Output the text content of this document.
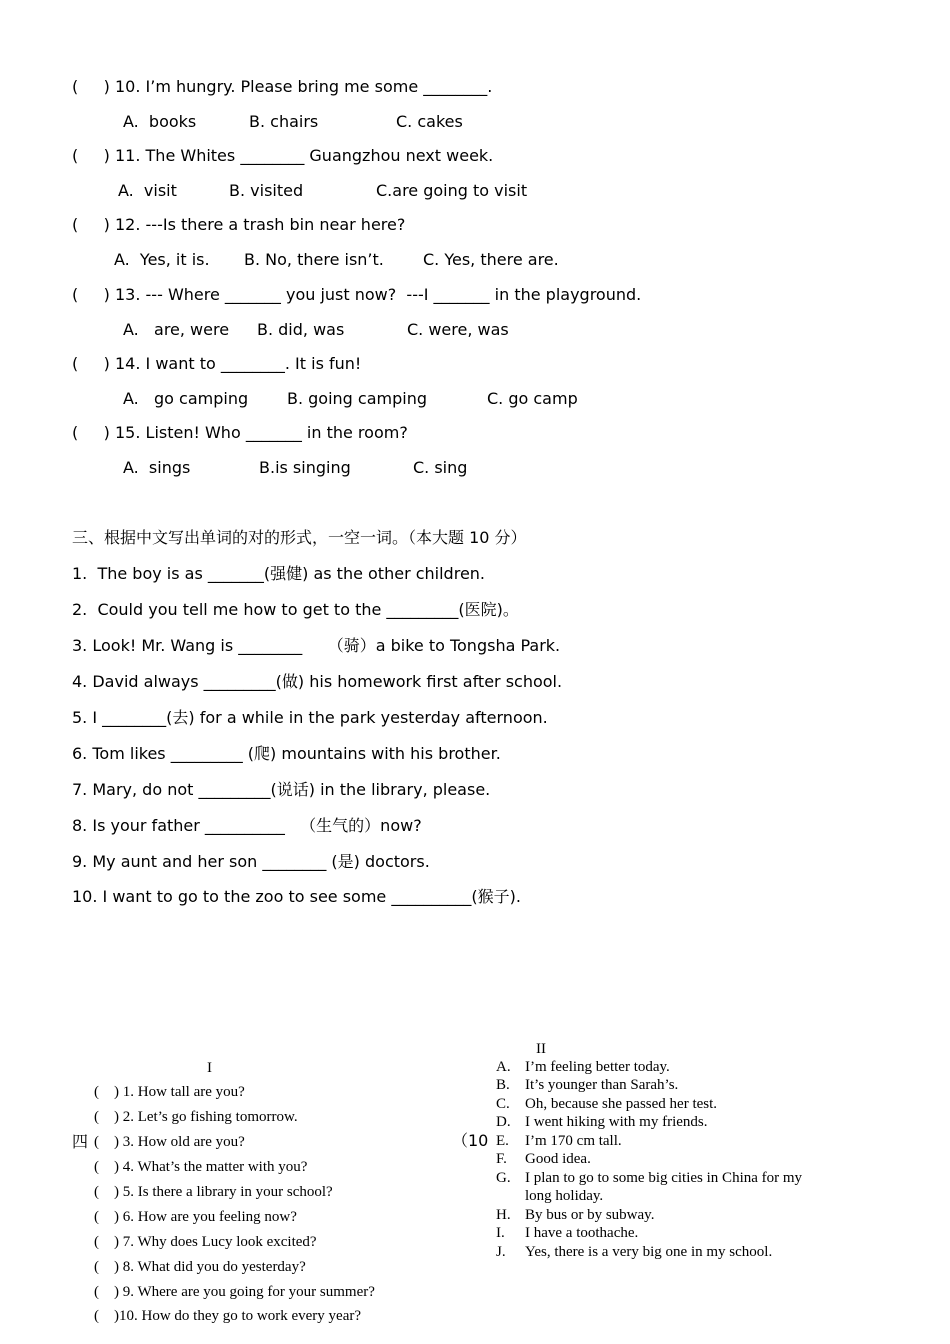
(     ) 10. I’m hungry. Please bring me some ________.
A.  books	B. chairs	C. cakes
(     ) 11. The Whites ________ Guangzhou next week.
A.  visit	B. visited	C.are going to visit
(     ) 12. ---Is there a trash bin near here?
A.  Yes, it is. B. No, there isn’t. C. Yes, there are.
(     ) 13. --- Where _______ you just now?  ---I _______ in the playground.
A.   are, were B. did, was	C. were, was
(     ) 14. I want to ________. It is fun!
A.   go camping B. going camping	C. go camp
(     ) 15. Listen! Who _______ in the room?
A.  sings	B.is singing	C. sing
三、根据中文写出单词的对的形式，一空一词。（本大题 10 分）
1.  The boy is as _______(强健) as the other children.
2.  Could you tell me how to get to the _________(医院)。
3. Look! Mr. Wang is ________     （骑）a bike to Tongsha Park.
4. David always _________(做) his homework first after school.
5. I ________(去) for a while in the park yesterday afternoon.
6. Tom likes _________ (爬) mountains with his brother.
7. Mary, do not _________(说话) in the library, please.
8. Is your father __________   （生气的）now?
9. My aunt and her son ________ (是) doctors.
10. I want to go to the zoo to see some __________(猴子).
四	（10
I
II
(    ) 1. How tall are you?
(    ) 2. Let’s go fishing tomorrow.
(    ) 3. How old are you?
(    ) 4. What’s the matter with you?
(    ) 5. Is there a library in your school?
(    ) 6. How are you feeling now?
(    ) 7. Why does Lucy look excited?
(    ) 8. What did you do yesterday?
(    ) 9. Where are you going for your summer?
(    )10. How do they go to work every year?

A.

I’m feeling better today.

B.

It’s younger than Sarah’s.

C.

Oh, because she passed her test.

D.

I went hiking with my friends.

E.

I’m 170 cm tall.

F.

Good idea.

G.

I plan to go to some big cities in China for my long holiday.

H.

By bus or by subway.

I.

I have a toothache.

J.

Yes, there is a very big one in my school.
